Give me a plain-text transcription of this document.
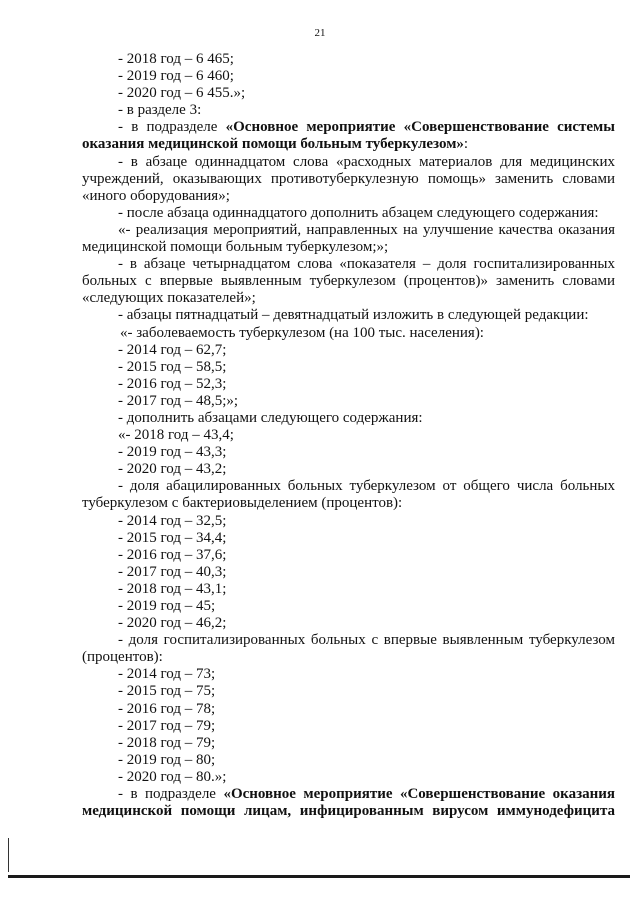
21
- 2018 год – 6 465;
- 2019 год – 6 460;
- 2020 год – 6 455.»;
- в разделе 3:
- в подразделе «Основное мероприятие «Совершенствование системы
оказания медицинской помощи больным туберкулезом»:
- в абзаце одиннадцатом слова «расходных материалов для медицинских
учреждений, оказывающих противотуберкулезную помощь» заменить словами
«иного оборудования»;
- после абзаца одиннадцатого дополнить абзацем следующего содержания:
«- реализация мероприятий, направленных на улучшение качества оказания
медицинской помощи больным туберкулезом;»;
- в абзаце четырнадцатом слова «показателя – доля госпитализированных
больных с впервые выявленным туберкулезом (процентов)» заменить словами
«следующих показателей»;
- абзацы пятнадцатый – девятнадцатый изложить в следующей редакции:
«- заболеваемость туберкулезом (на 100 тыс. населения):
- 2014 год – 62,7;
- 2015 год – 58,5;
- 2016 год – 52,3;
- 2017 год – 48,5;»;
- дополнить абзацами следующего содержания:
«- 2018 год – 43,4;
- 2019 год – 43,3;
- 2020 год – 43,2;
- доля абацилированных больных туберкулезом от общего числа больных
туберкулезом с бактериовыделением (процентов):
- 2014 год – 32,5;
- 2015 год – 34,4;
- 2016 год – 37,6;
- 2017 год – 40,3;
- 2018 год – 43,1;
- 2019 год – 45;
- 2020 год – 46,2;
- доля госпитализированных больных с впервые выявленным туберкулезом
(процентов):
- 2014 год – 73;
- 2015 год – 75;
- 2016 год – 78;
- 2017 год – 79;
- 2018 год – 79;
- 2019 год – 80;
- 2020 год – 80.»;
- в подразделе «Основное мероприятие «Совершенствование оказания
медицинской помощи лицам, инфицированным вирусом иммунодефицита
